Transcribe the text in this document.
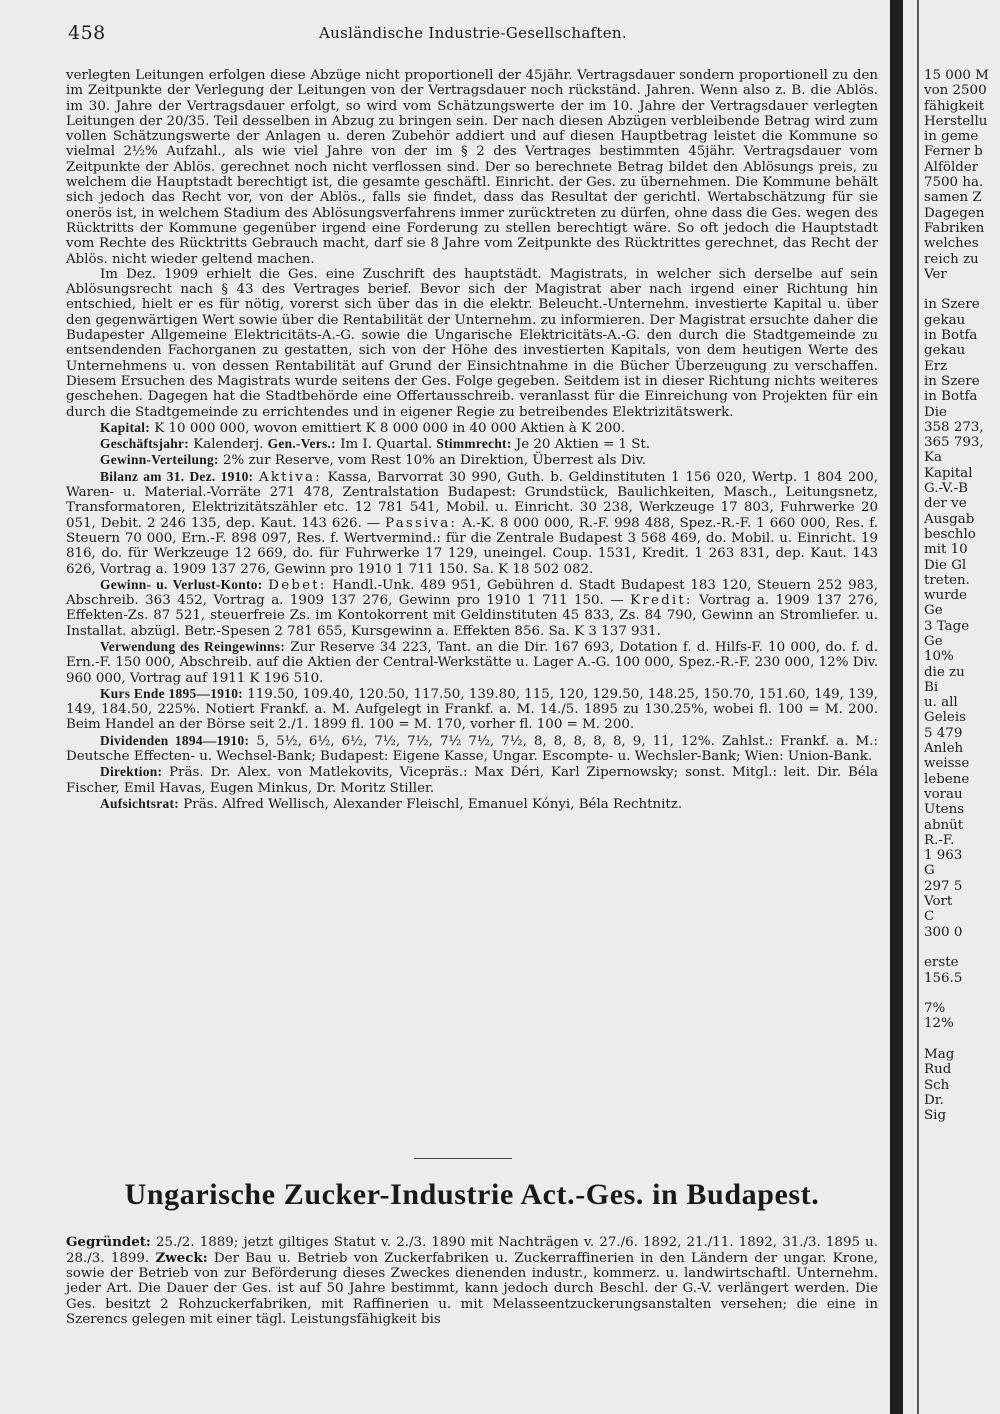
458	Ausländische Industrie-Gesellschaften.

verlegten Leitungen erfolgen diese Abzüge nicht proportionell der 45jähr. Vertragsdauer sondern proportionell zu den im Zeitpunkte der Verlegung der Leitungen von der Vertragsdauer noch rückständ. Jahren. Wenn also z. B. die Ablös. im 30. Jahre der Vertragsdauer erfolgt, so wird vom Schätzungswerte der im 10. Jahre der Vertragsdauer verlegten Leitungen der 20/35. Teil desselben in Abzug zu bringen sein. Der nach diesen Abzügen verbleibende Betrag wird zum vollen Schätzungswerte der Anlagen u. deren Zubehör addiert und auf diesen Hauptbetrag leistet die Kommune so vielmal 2½% Aufzahl., als wie viel Jahre von der im § 2 des Vertrages bestimmten 45jähr. Vertragsdauer vom Zeitpunkte der Ablös. gerechnet noch nicht verflossen sind. Der so berechnete Betrag bildet den Ablösungs preis, zu welchem die Hauptstadt berechtigt ist, die gesamte geschäftl. Einricht. der Ges. zu übernehmen. Die Kommune behält sich jedoch das Recht vor, von der Ablös., falls sie findet, dass das Resultat der gerichtl. Wertabschätzung für sie onerös ist, in welchem Stadium des Ablösungsverfahrens immer zurücktreten zu dürfen, ohne dass die Ges. wegen des Rücktritts der Kommune gegenüber irgend eine Forderung zu stellen berechtigt wäre. So oft jedoch die Hauptstadt vom Rechte des Rücktritts Gebrauch macht, darf sie 8 Jahre vom Zeitpunkte des Rücktrittes gerechnet, das Recht der Ablös. nicht wieder geltend machen.

Im Dez. 1909 erhielt die Ges. eine Zuschrift des hauptstädt. Magistrats, in welcher sich derselbe auf sein Ablösungsrecht nach § 43 des Vertrages berief. Bevor sich der Magistrat aber nach irgend einer Richtung hin entschied, hielt er es für nötig, vorerst sich über das in die elektr. Beleucht.-Unternehm. investierte Kapital u. über den gegenwärtigen Wert sowie über die Rentabilität der Unternehm. zu informieren. Der Magistrat ersuchte daher die Budapester Allgemeine Elektricitäts-A.-G. sowie die Ungarische Elektricitäts-A.-G. den durch die Stadtgemeinde zu entsendenden Fachorganen zu gestatten, sich von der Höhe des investierten Kapitals, von dem heutigen Werte des Unternehmens u. von dessen Rentabilität auf Grund der Einsichtnahme in die Bücher Überzeugung zu verschaffen. Diesem Ersuchen des Magistrats wurde seitens der Ges. Folge gegeben. Seitdem ist in dieser Richtung nichts weiteres geschehen. Dagegen hat die Stadtbehörde eine Offertausschreib. veranlasst für die Einreichung von Projekten für ein durch die Stadtgemeinde zu errichtendes und in eigener Regie zu betreibendes Elektrizitätswerk.

Kapital: K 10 000 000, wovon emittiert K 8 000 000 in 40 000 Aktien à K 200.

Geschäftsjahr: Kalenderj. Gen.-Vers.: Im I. Quartal. Stimmrecht: Je 20 Aktien = 1 St.

Gewinn-Verteilung: 2% zur Reserve, vom Rest 10% an Direktion, Überrest als Div.

Bilanz am 31. Dez. 1910: Aktiva: Kassa, Barvorrat 30 990, Guth. b. Geldinstituten 1 156 020, Wertp. 1 804 200, Waren- u. Material.-Vorräte 271 478, Zentralstation Budapest: Grundstück, Baulichkeiten, Masch., Leitungsnetz, Transformatoren, Elektrizitätszähler etc. 12 781 541, Mobil. u. Einricht. 30 238, Werkzeuge 17 803, Fuhrwerke 20 051, Debit. 2 246 135, dep. Kaut. 143 626. — Passiva: A.-K. 8 000 000, R.-F. 998 488, Spez.-R.-F. 1 660 000, Res. f. Steuern 70 000, Ern.-F. 898 097, Res. f. Wertvermind.: für die Zentrale Budapest 3 568 469, do. Mobil. u. Einricht. 19 816, do. für Werkzeuge 12 669, do. für Fuhrwerke 17 129, uneingel. Coup. 1531, Kredit. 1 263 831, dep. Kaut. 143 626, Vortrag a. 1909 137 276, Gewinn pro 1910 1 711 150. Sa. K 18 502 082.

Gewinn- u. Verlust-Konto: Debet: Handl.-Unk. 489 951, Gebühren d. Stadt Budapest 183 120, Steuern 252 983, Abschreib. 363 452, Vortrag a. 1909 137 276, Gewinn pro 1910 1 711 150. — Kredit: Vortrag a. 1909 137 276, Effekten-Zs. 87 521, steuerfreie Zs. im Kontokorrent mit Geldinstituten 45 833, Zs. 84 790, Gewinn an Stromliefer. u. Installat. abzügl. Betr.-Spesen 2 781 655, Kursgewinn a. Effekten 856. Sa. K 3 137 931.

Verwendung des Reingewinns: Zur Reserve 34 223, Tant. an die Dir. 167 693, Dotation f. d. Hilfs-F. 10 000, do. f. d. Ern.-F. 150 000, Abschreib. auf die Aktien der Central-Werkstätte u. Lager A.-G. 100 000, Spez.-R.-F. 230 000, 12% Div. 960 000, Vortrag auf 1911 K 196 510.

Kurs Ende 1895—1910: 119.50, 109.40, 120.50, 117.50, 139.80, 115, 120, 129.50, 148.25, 150.70, 151.60, 149, 139, 149, 184.50, 225%. Notiert Frankf. a. M. Aufgelegt in Frankf. a. M. 14./5. 1895 zu 130.25%, wobei fl. 100 = M. 200. Beim Handel an der Börse seit 2./1. 1899 fl. 100 = M. 170, vorher fl. 100 = M. 200.

Dividenden 1894—1910: 5, 5½, 6½, 6½, 7½, 7½, 7½ 7½, 7½, 8, 8, 8, 8, 8, 9, 11, 12%. Zahlst.: Frankf. a. M.: Deutsche Effecten- u. Wechsel-Bank; Budapest: Eigene Kasse, Ungar. Escompte- u. Wechsler-Bank; Wien: Union-Bank.

Direktion: Präs. Dr. Alex. von Matlekovits, Vicepräs.: Max Déri, Karl Zipernowsky; sonst. Mitgl.: leit. Dir. Béla Fischer, Emil Havas, Eugen Minkus, Dr. Moritz Stiller.

Aufsichtsrat: Präs. Alfred Wellisch, Alexander Fleischl, Emanuel Kónyi, Béla Rechtnitz.

Ungarische Zucker-Industrie Act.-Ges. in Budapest.

Gegründet: 25./2. 1889; jetzt giltiges Statut v. 2./3. 1890 mit Nachträgen v. 27./6. 1892, 21./11. 1892, 31./3. 1895 u. 28./3. 1899. Zweck: Der Bau u. Betrieb von Zuckerfabriken u. Zuckerraffinerien in den Ländern der ungar. Krone, sowie der Betrieb von zur Beförderung dieses Zweckes dienenden industr., kommerz. u. landwirtschaftl. Unternehm. jeder Art. Die Dauer der Ges. ist auf 50 Jahre bestimmt, kann jedoch durch Beschl. der G.-V. verlängert werden. Die Ges. besitzt 2 Rohzuckerfabriken, mit Raffinerien u. mit Melasseentzuckerungsanstalten versehen; die eine in Szerencs gelegen mit einer tägl. Leistungsfähigkeit bis

15 000 M
von 2500
fähigkeit
Herstellu
in geme
Ferner b
Alfölder
7500 ha.
samen Z
Dagegen
Fabriken
welches
reich zu
Ver

in Szere
gekau
in Botfa
gekau
Erz
in Szere
in Botfa
Die
358 273,
365 793,
Ka
Kapital
G.-V.-B
der ve
Ausgab
beschlo
mit 10
Die Gl
treten.
wurde
Ge
3 Tage
Ge
10%
die zu
Bi
u. all
Geleis
5 479
Anleh
weisse
lebene
vorau
Utens
abnüt
R.-F.
1 963
G
297 5
Vort
C
300 0

erste
156.5

7%
12%

Mag
Rud
Sch
Dr.
Sig
